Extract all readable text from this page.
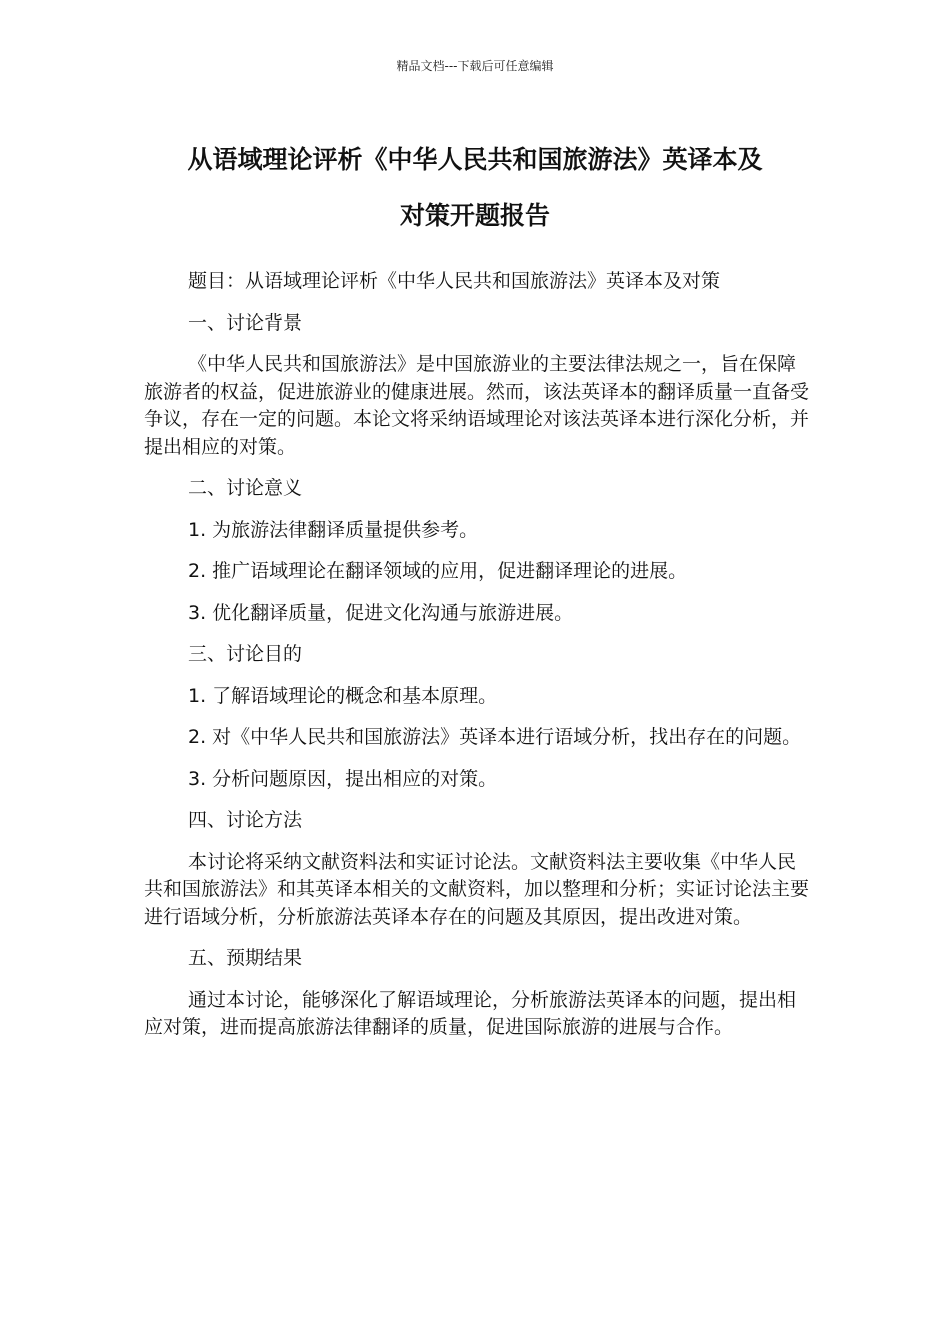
精品文档---下载后可任意编辑
从语域理论评析《中华人民共和国旅游法》英译本及
对策开题报告

题目：从语域理论评析《中华人民共和国旅游法》英译本及对策

一、讨论背景

《中华人民共和国旅游法》是中国旅游业的主要法律法规之一，旨在保障旅游者的权益，促进旅游业的健康进展。然而，该法英译本的翻译质量一直备受争议，存在一定的问题。本论文将采纳语域理论对该法英译本进行深化分析，并提出相应的对策。

二、讨论意义

1. 为旅游法律翻译质量提供参考。

2. 推广语域理论在翻译领域的应用，促进翻译理论的进展。

3. 优化翻译质量，促进文化沟通与旅游进展。

三、讨论目的

1. 了解语域理论的概念和基本原理。

2. 对《中华人民共和国旅游法》英译本进行语域分析，找出存在的问题。

3. 分析问题原因，提出相应的对策。

四、讨论方法

本讨论将采纳文献资料法和实证讨论法。文献资料法主要收集《中华人民共和国旅游法》和其英译本相关的文献资料，加以整理和分析；实证讨论法主要进行语域分析，分析旅游法英译本存在的问题及其原因，提出改进对策。

五、预期结果

通过本讨论，能够深化了解语域理论，分析旅游法英译本的问题，提出相应对策，进而提高旅游法律翻译的质量，促进国际旅游的进展与合作。
